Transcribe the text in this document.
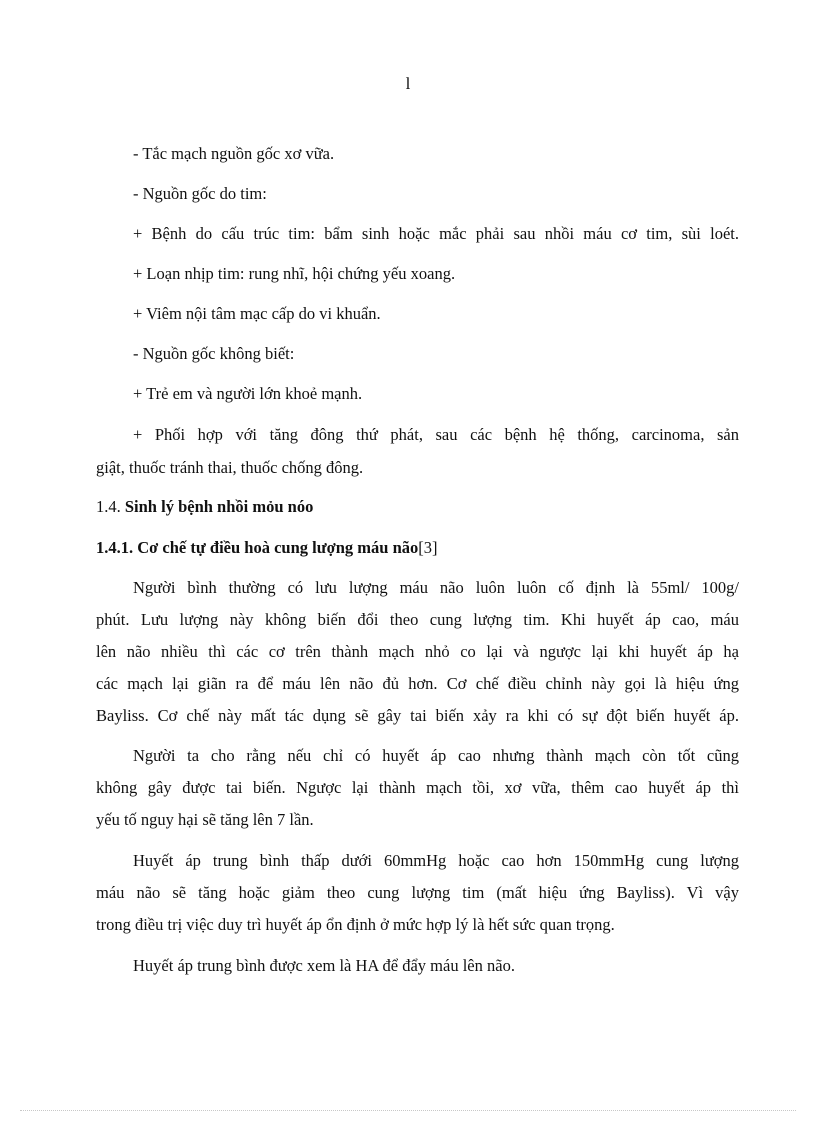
l
- Tắc mạch nguồn gốc xơ vữa.
- Nguồn gốc do tim:
+ Bệnh do cấu trúc tim: bẩm sinh hoặc mắc phải sau nhồi máu cơ tim, sùi loét.
+ Loạn nhịp tim: rung nhĩ, hội chứng yếu xoang.
+ Viêm nội tâm mạc cấp do vi khuẩn.
- Nguồn gốc không biết:
+ Trẻ em và người lớn khoẻ mạnh.
+ Phối hợp với tăng đông thứ phát, sau các bệnh hệ thống, carcinoma, sản
giật, thuốc tránh thai, thuốc chống đông.
1.4. Sinh lý bệnh nhồi mỏu nóo
1.4.1. Cơ chế tự điều hoà cung lượng máu não[3]
Người bình thường có lưu lượng máu não luôn luôn cố định là 55ml/ 100g/
phút. Lưu lượng này không biến đổi theo cung lượng tim. Khi huyết áp cao, máu
lên não nhiều thì các cơ trên thành mạch nhỏ co lại và ngược lại khi huyết áp hạ
các mạch lại giãn ra để máu lên não đủ hơn. Cơ chế điều chỉnh này gọi là hiệu ứng
Bayliss. Cơ chế này mất tác dụng sẽ gây tai biến xảy ra khi có sự đột biến huyết áp.
Người ta cho rằng nếu chỉ có huyết áp cao nhưng thành mạch còn tốt cũng
không gây được tai biến. Ngược lại thành mạch tồi, xơ vữa, thêm cao huyết áp thì
yếu tố nguy hại sẽ tăng lên 7 lần.
Huyết áp trung bình thấp dưới 60mmHg hoặc cao hơn 150mmHg cung lượng
máu não sẽ tăng hoặc giảm theo cung lượng tim (mất hiệu ứng Bayliss). Vì vậy
trong điều trị việc duy trì huyết áp ổn định ở mức hợp lý là hết sức quan trọng.
Huyết áp trung bình được xem là HA để đẩy máu lên não.
